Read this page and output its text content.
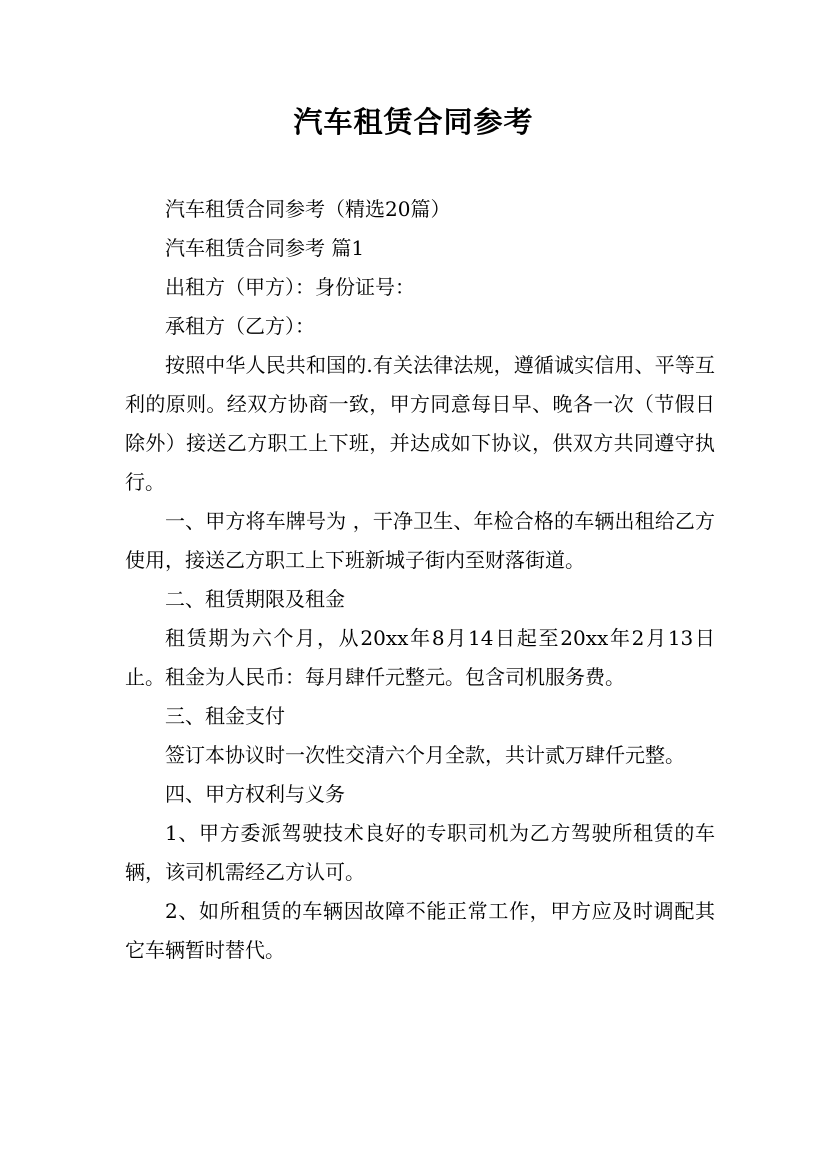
汽车租赁合同参考

汽车租赁合同参考（精选20篇）

汽车租赁合同参考 篇1

出租方（甲方）：身份证号：

承租方（乙方）：

按照中华人民共和国的.有关法律法规，遵循诚实信用、平等互利的原则。经双方协商一致，甲方同意每日早、晚各一次（节假日除外）接送乙方职工上下班，并达成如下协议，供双方共同遵守执行。

一、甲方将车牌号为 ，干净卫生、年检合格的车辆出租给乙方使用，接送乙方职工上下班新城子街内至财落街道。

二、租赁期限及租金

租赁期为六个月，从20xx年8月14日起至20xx年2月13日止。租金为人民币：每月肆仟元整元。包含司机服务费。

三、租金支付

签订本协议时一次性交清六个月全款，共计贰万肆仟元整。

四、甲方权利与义务

1、甲方委派驾驶技术良好的专职司机为乙方驾驶所租赁的车辆，该司机需经乙方认可。

2、如所租赁的车辆因故障不能正常工作，甲方应及时调配其它车辆暂时替代。
